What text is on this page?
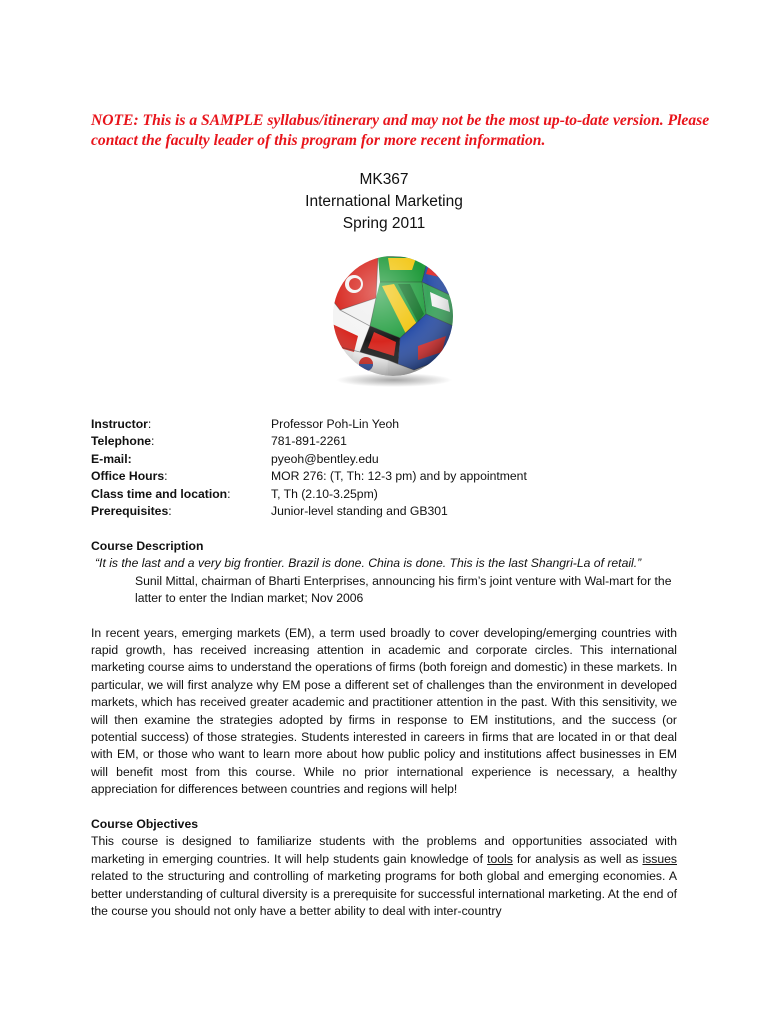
NOTE: This is a SAMPLE syllabus/itinerary and may not be the most up-to-date version. Please contact the faculty leader of this program for more recent information.
MK367
International Marketing
Spring 2011
Instructor:	Professor Poh-Lin Yeoh
Telephone:	781-891-2261
E-mail:	pyeoh@bentley.edu
Office Hours:	MOR 276: (T, Th: 12-3 pm) and by appointment
Class time and location:	T, Th (2.10-3.25pm)
Prerequisites:	Junior-level standing and GB301
Course Description
“It is the last and a very big frontier. Brazil is done. China is done. This is the last Shangri-La of retail.”
Sunil Mittal, chairman of Bharti Enterprises, announcing his firm’s joint venture with Wal-mart for the latter to enter the Indian market; Nov 2006
In recent years, emerging markets (EM), a term used broadly to cover developing/emerging countries with rapid growth, has received increasing attention in academic and corporate circles. This international marketing course aims to understand the operations of firms (both foreign and domestic) in these markets. In particular, we will first analyze why EM pose a different set of challenges than the environment in developed markets, which has received greater academic and practitioner attention in the past. With this sensitivity, we will then examine the strategies adopted by firms in response to EM institutions, and the success (or potential success) of those strategies. Students interested in careers in firms that are located in or that deal with EM, or those who want to learn more about how public policy and institutions affect businesses in EM will benefit most from this course. While no prior international experience is necessary, a healthy appreciation for differences between countries and regions will help!
Course Objectives
This course is designed to familiarize students with the problems and opportunities associated with marketing in emerging countries. It will help students gain knowledge of tools for analysis as well as issues related to the structuring and controlling of marketing programs for both global and emerging economies. A better understanding of cultural diversity is a prerequisite for successful international marketing. At the end of the course you should not only have a better ability to deal with inter-country
